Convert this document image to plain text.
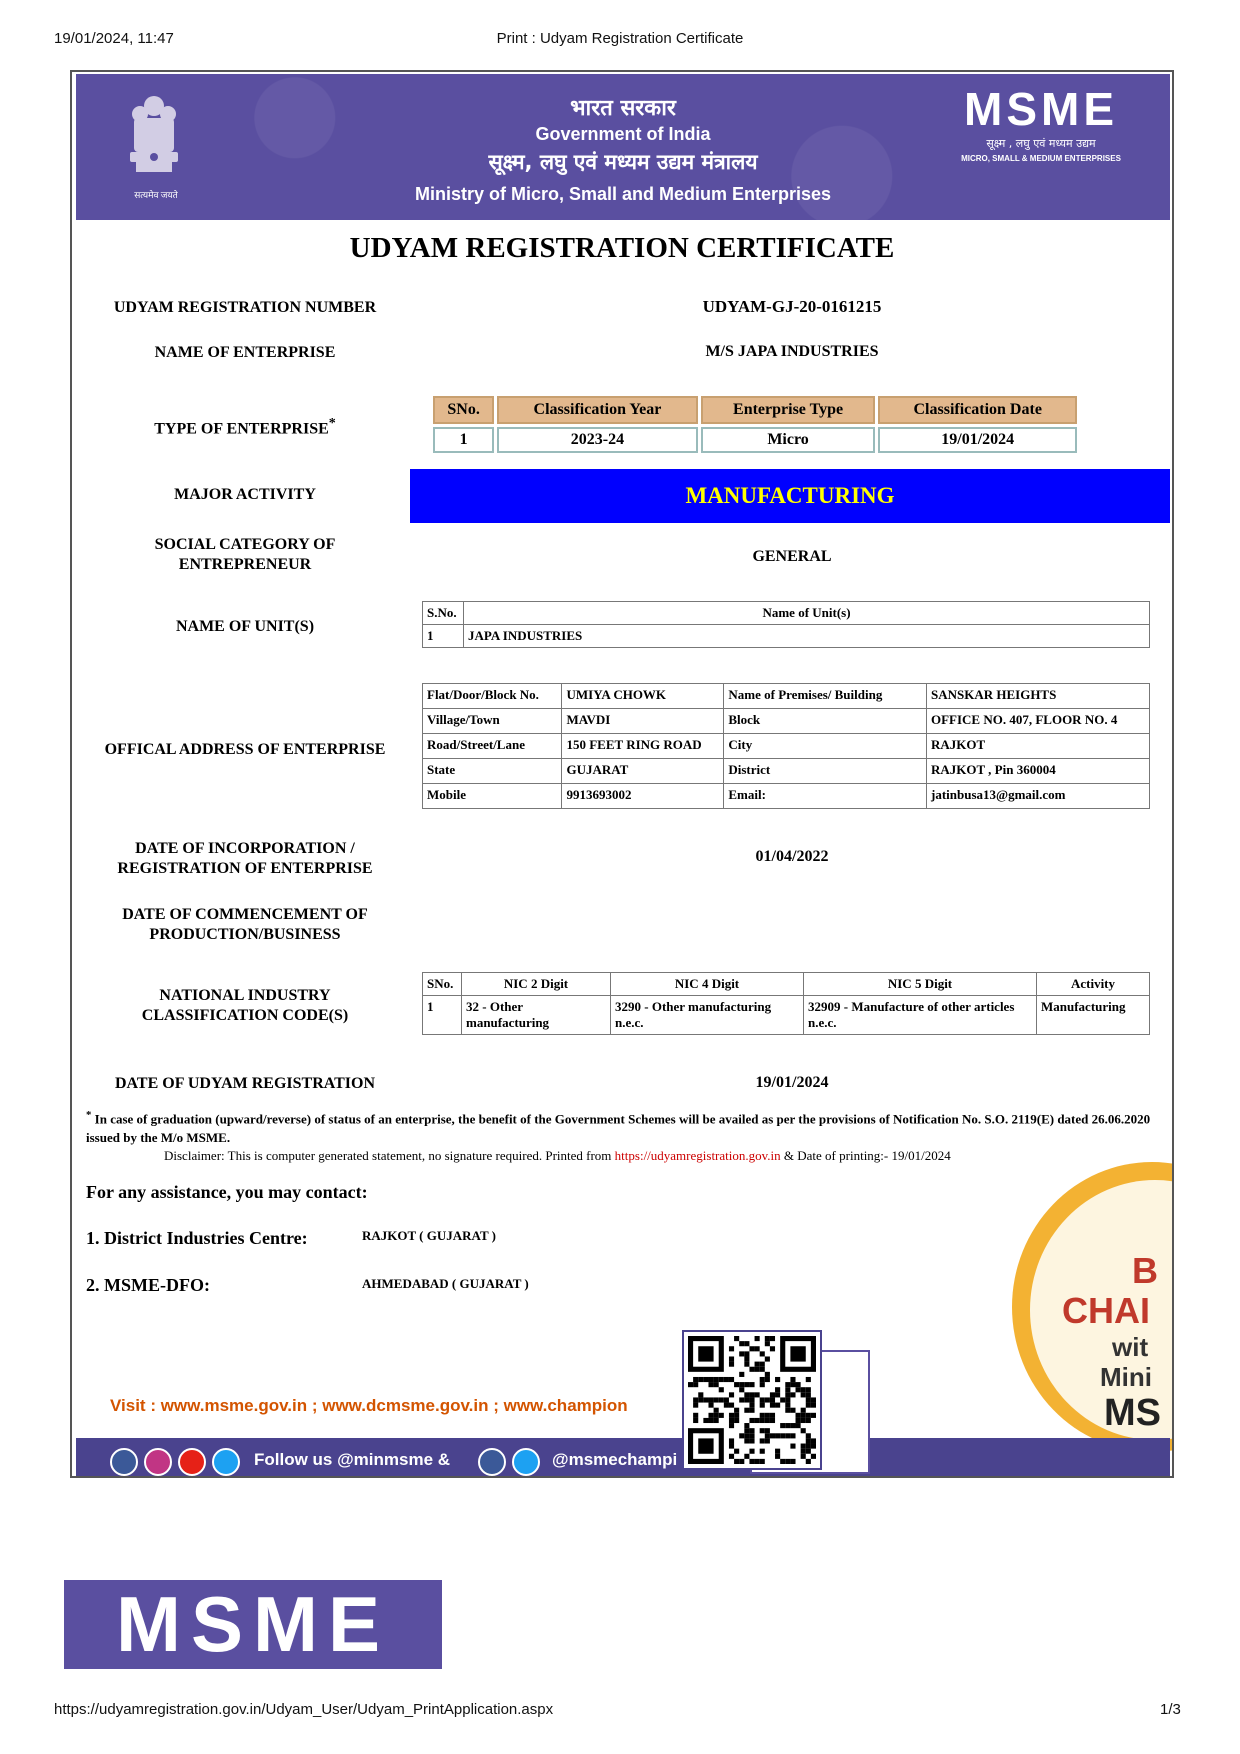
19/01/2024, 11:47	Print : Udyam Registration Certificate
सत्यमेव जयते
भारत सरकार
Government of India
सूक्ष्म, लघु एवं मध्यम उद्यम मंत्रालय
Ministry of Micro, Small and Medium Enterprises
MSME
सूक्ष्म , लघु एवं मध्यम उद्यम
MICRO, SMALL & MEDIUM ENTERPRISES
UDYAM REGISTRATION CERTIFICATE
UDYAM REGISTRATION NUMBER	UDYAM-GJ-20-0161215
NAME OF ENTERPRISE	M/S JAPA INDUSTRIES
TYPE OF ENTERPRISE*
SNo.	Classification Year	Enterprise Type	Classification Date
1	2023-24	Micro	19/01/2024
MAJOR ACTIVITY	MANUFACTURING
SOCIAL CATEGORY OF
ENTREPRENEUR	GENERAL
NAME OF UNIT(S)
S.No.	Name of Unit(s)
1	JAPA INDUSTRIES
OFFICAL ADDRESS OF ENTERPRISE
Flat/Door/Block No.	UMIYA CHOWK	Name of Premises/ Building	SANSKAR HEIGHTS
Village/Town	MAVDI	Block	OFFICE NO. 407, FLOOR NO. 4
Road/Street/Lane	150 FEET RING ROAD	City	RAJKOT
State	GUJARAT	District	RAJKOT , Pin 360004
Mobile	9913693002	Email:	jatinbusa13@gmail.com
DATE OF INCORPORATION /
REGISTRATION OF ENTERPRISE
01/04/2022
DATE OF COMMENCEMENT OF
PRODUCTION/BUSINESS
NATIONAL INDUSTRY
CLASSIFICATION CODE(S)
SNo.	NIC 2 Digit	NIC 4 Digit	NIC 5 Digit	Activity
1	32 - Other manufacturing	3290 - Other manufacturing n.e.c.	32909 - Manufacture of other articles n.e.c.	Manufacturing
DATE OF UDYAM REGISTRATION	19/01/2024
* In case of graduation (upward/reverse) of status of an enterprise, the benefit of the Government Schemes will be availed as per the provisions of Notification No. S.O. 2119(E) dated 26.06.2020 issued by the M/o MSME.
Disclaimer: This is computer generated statement, no signature required. Printed from https://udyamregistration.gov.in & Date of printing:- 19/01/2024
For any assistance, you may contact:
1. District Industries Centre:	RAJKOT ( GUJARAT )
2. MSME-DFO:	AHMEDABAD ( GUJARAT )	B
CHAI
wit
Mini
MS
Visit : www.msme.gov.in ; www.dcmsme.gov.in ; www.champion
Follow us @minmsme &	@msmechampi
MSME
https://udyamregistration.gov.in/Udyam_User/Udyam_PrintApplication.aspx	1/3
